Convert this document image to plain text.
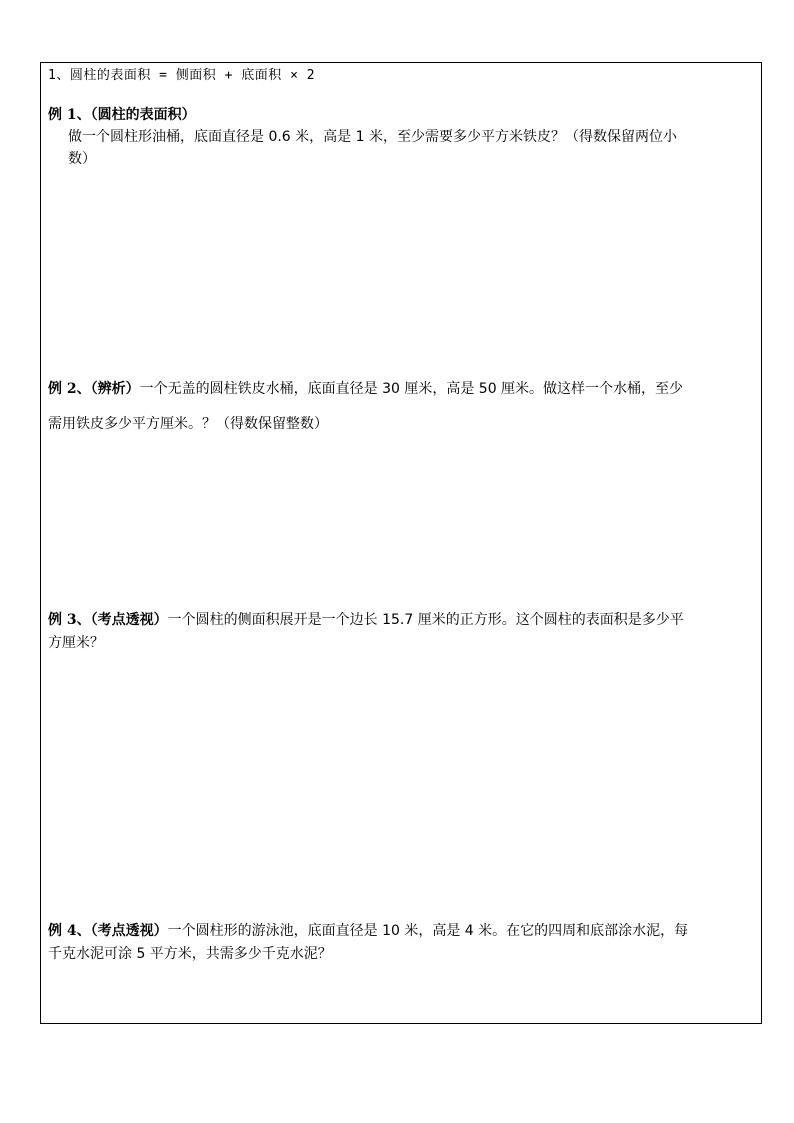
1、圆柱的表面积 = 侧面积 + 底面积 × 2
例 1、（圆柱的表面积）
做一个圆柱形油桶，底面直径是 0.6 米，高是 1 米，至少需要多少平方米铁皮？（得数保留两位小
数）
例 2、（辨析）一个无盖的圆柱铁皮水桶，底面直径是 30 厘米，高是 50 厘米。做这样一个水桶，至少
需用铁皮多少平方厘米。？（得数保留整数）
例 3、（考点透视）一个圆柱的侧面积展开是一个边长 15.7 厘米的正方形。这个圆柱的表面积是多少平
方厘米？
例 4、（考点透视）一个圆柱形的游泳池，底面直径是 10 米，高是 4 米。在它的四周和底部涂水泥，每
千克水泥可涂 5 平方米，共需多少千克水泥？
